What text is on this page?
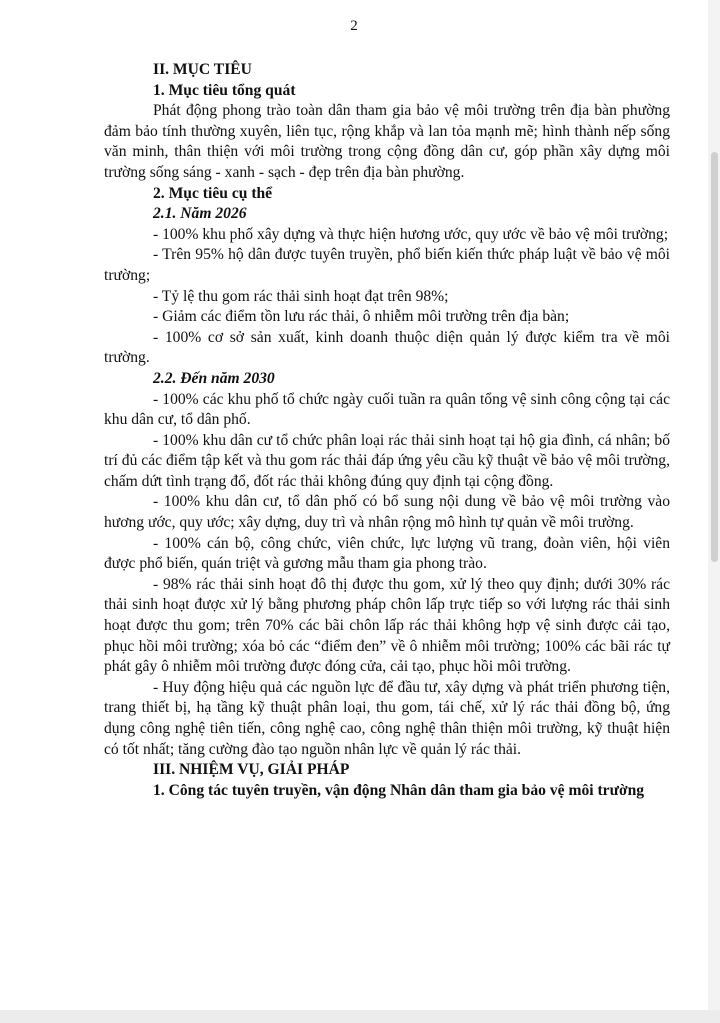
2

II. MỤC TIÊU

1. Mục tiêu tổng quát

Phát động phong trào toàn dân tham gia bảo vệ môi trường trên địa bàn phường đảm bảo tính thường xuyên, liên tục, rộng khắp và lan tỏa mạnh mẽ; hình thành nếp sống văn minh, thân thiện với môi trường trong cộng đồng dân cư, góp phần xây dựng môi trường sống sáng - xanh - sạch - đẹp trên địa bàn phường.

2. Mục tiêu cụ thể

2.1. Năm 2026

- 100% khu phố xây dựng và thực hiện hương ước, quy ước về bảo vệ môi trường;

- Trên 95% hộ dân được tuyên truyền, phổ biến kiến thức pháp luật về bảo vệ môi trường;

- Tỷ lệ thu gom rác thải sinh hoạt đạt trên 98%;

- Giảm các điểm tồn lưu rác thải, ô nhiễm môi trường trên địa bàn;

- 100% cơ sở sản xuất, kinh doanh thuộc diện quản lý được kiểm tra về môi trường.

2.2. Đến năm 2030

- 100% các khu phố tổ chức ngày cuối tuần ra quân tổng vệ sinh công cộng tại các khu dân cư, tổ dân phố.

- 100% khu dân cư tổ chức phân loại rác thải sinh hoạt tại hộ gia đình, cá nhân; bố trí đủ các điểm tập kết và thu gom rác thải đáp ứng yêu cầu kỹ thuật về bảo vệ môi trường, chấm dứt tình trạng đổ, đốt rác thải không đúng quy định tại cộng đồng.

- 100% khu dân cư, tổ dân phố có bổ sung nội dung về bảo vệ môi trường vào hương ước, quy ước; xây dựng, duy trì và nhân rộng mô hình tự quản về môi trường.

- 100% cán bộ, công chức, viên chức, lực lượng vũ trang, đoàn viên, hội viên được phổ biến, quán triệt và gương mẫu tham gia phong trào.

- 98% rác thải sinh hoạt đô thị được thu gom, xử lý theo quy định; dưới 30% rác thải sinh hoạt được xử lý bằng phương pháp chôn lấp trực tiếp so với lượng rác thải sinh hoạt được thu gom; trên 70% các bãi chôn lấp rác thải không hợp vệ sinh được cải tạo, phục hồi môi trường; xóa bỏ các “điểm đen” về ô nhiễm môi trường; 100% các bãi rác tự phát gây ô nhiễm môi trường được đóng cửa, cải tạo, phục hồi môi trường.

- Huy động hiệu quả các nguồn lực để đầu tư, xây dựng và phát triển phương tiện, trang thiết bị, hạ tầng kỹ thuật phân loại, thu gom, tái chế, xử lý rác thải đồng bộ, ứng dụng công nghệ tiên tiến, công nghệ cao, công nghệ thân thiện môi trường, kỹ thuật hiện có tốt nhất; tăng cường đào tạo nguồn nhân lực về quản lý rác thải.

III. NHIỆM VỤ, GIẢI PHÁP

1. Công tác tuyên truyền, vận động Nhân dân tham gia bảo vệ môi trường
